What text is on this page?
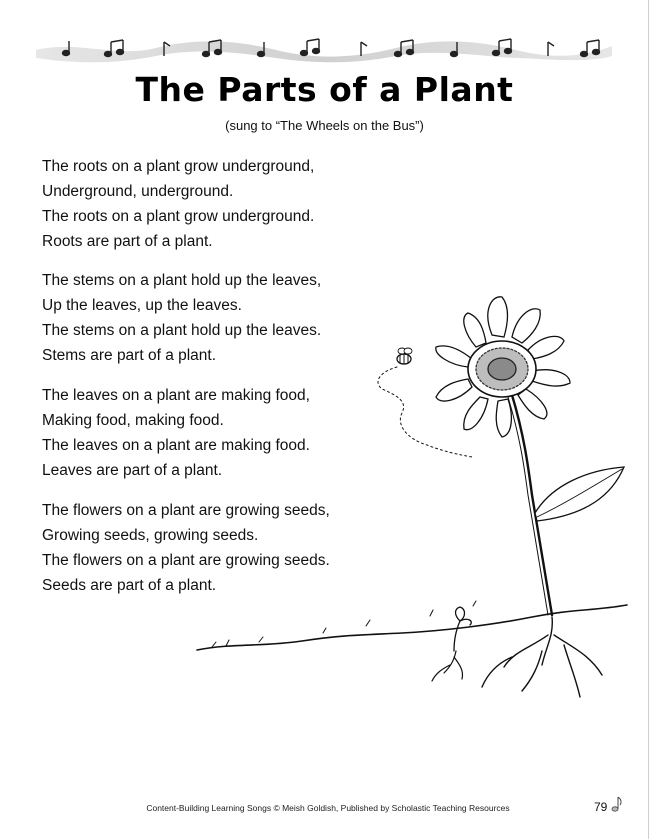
The Parts of a Plant
(sung to “The Wheels on the Bus”)
The roots on a plant grow underground,
Underground, underground.
The roots on a plant grow underground.
Roots are part of a plant.
The stems on a plant hold up the leaves,
Up the leaves, up the leaves.
The stems on a plant hold up the leaves.
Stems are part of a plant.
The leaves on a plant are making food,
Making food, making food.
The leaves on a plant are making food.
Leaves are part of a plant.
The flowers on a plant are growing seeds,
Growing seeds, growing seeds.
The flowers on a plant are growing seeds.
Seeds are part of a plant.
Content-Building Learning Songs © Meish Goldish, Published by Scholastic Teaching Resources	79
